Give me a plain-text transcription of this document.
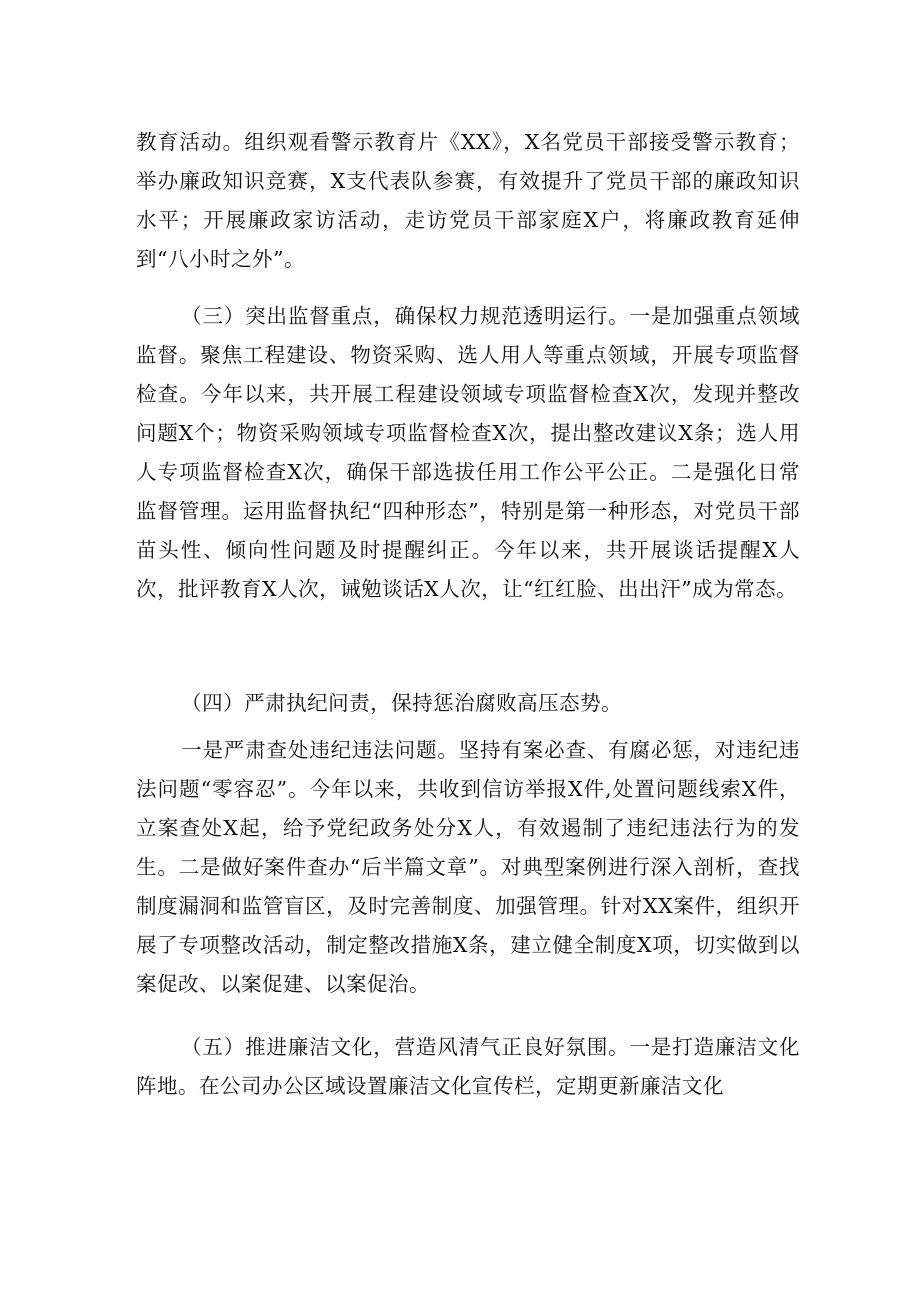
教育活动。组织观看警示教育片《XX》，X名党员干部接受警示教育；举办廉政知识竞赛，X支代表队参赛，有效提升了党员干部的廉政知识水平；开展廉政家访活动，走访党员干部家庭X户，将廉政教育延伸到“八小时之外”。

（三）突出监督重点，确保权力规范透明运行。一是加强重点领域监督。聚焦工程建设、物资采购、选人用人等重点领域，开展专项监督检查。今年以来，共开展工程建设领域专项监督检查X次，发现并整改问题X个；物资采购领域专项监督检查X次，提出整改建议X条；选人用人专项监督检查X次，确保干部选拔任用工作公平公正。二是强化日常监督管理。运用监督执纪“四种形态”，特别是第一种形态，对党员干部苗头性、倾向性问题及时提醒纠正。今年以来，共开展谈话提醒X人次，批评教育X人次，诫勉谈话X人次，让“红红脸、出出汗”成为常态。

（四）严肃执纪问责，保持惩治腐败高压态势。

一是严肃查处违纪违法问题。坚持有案必查、有腐必惩，对违纪违法问题“零容忍”。今年以来，共收到信访举报X件,处置问题线索X件，立案查处X起，给予党纪政务处分X人，有效遏制了违纪违法行为的发生。二是做好案件查办“后半篇文章”。对典型案例进行深入剖析，查找制度漏洞和监管盲区，及时完善制度、加强管理。针对XX案件，组织开展了专项整改活动，制定整改措施X条，建立健全制度X项，切实做到以案促改、以案促建、以案促治。

（五）推进廉洁文化，营造风清气正良好氛围。一是打造廉洁文化阵地。在公司办公区域设置廉洁文化宣传栏，定期更新廉洁文化
